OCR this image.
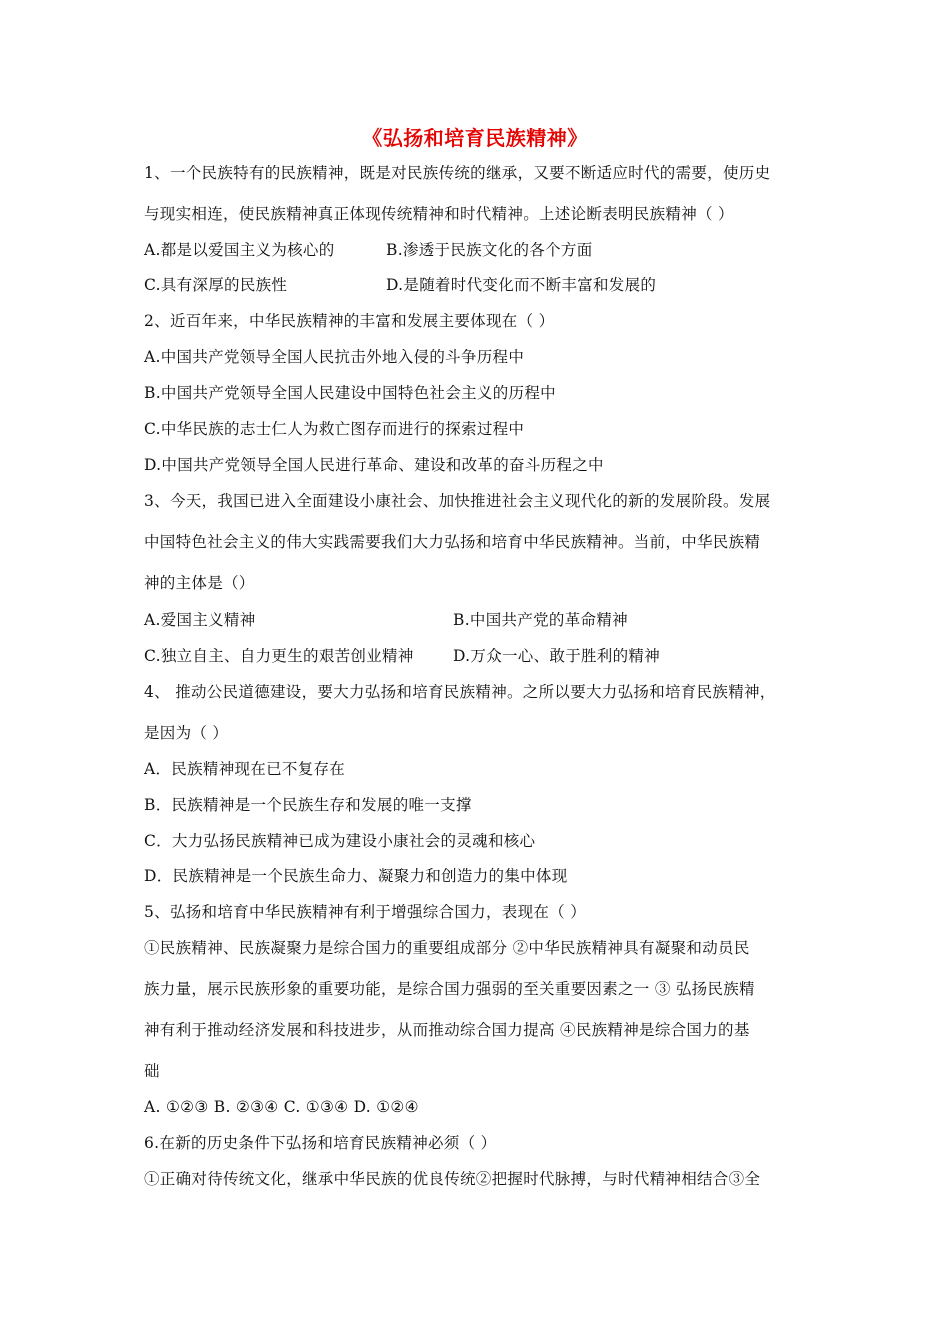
《弘扬和培育民族精神》
1、一个民族特有的民族精神，既是对民族传统的继承，又要不断适应时代的需要，使历史
与现实相连，使民族精神真正体现传统精神和时代精神。上述论断表明民族精神（ ）
A.都是以爱国主义为核心的	B.渗透于民族文化的各个方面
C.具有深厚的民族性	D.是随着时代变化而不断丰富和发展的
2、近百年来，中华民族精神的丰富和发展主要体现在（ ）
A.中国共产党领导全国人民抗击外地入侵的斗争历程中
B.中国共产党领导全国人民建设中国特色社会主义的历程中
C.中华民族的志士仁人为救亡图存而进行的探索过程中
D.中国共产党领导全国人民进行革命、建设和改革的奋斗历程之中
3、今天，我国已进入全面建设小康社会、加快推进社会主义现代化的新的发展阶段。发展
中国特色社会主义的伟大实践需要我们大力弘扬和培育中华民族精神。当前，中华民族精
神的主体是（）
A.爱国主义精神	B.中国共产党的革命精神
C.独立自主、自力更生的艰苦创业精神	D.万众一心、敢于胜利的精神
4、 推动公民道德建设，要大力弘扬和培育民族精神。之所以要大力弘扬和培育民族精神，
是因为（ ）
A．民族精神现在已不复存在
B．民族精神是一个民族生存和发展的唯一支撑
C．大力弘扬民族精神已成为建设小康社会的灵魂和核心
D．民族精神是一个民族生命力、凝聚力和创造力的集中体现
5、弘扬和培育中华民族精神有利于增强综合国力，表现在（ ）
①民族精神、民族凝聚力是综合国力的重要组成部分 ②中华民族精神具有凝聚和动员民
族力量，展示民族形象的重要功能，是综合国力强弱的至关重要因素之一 ③ 弘扬民族精
神有利于推动经济发展和科技进步，从而推动综合国力提高 ④民族精神是综合国力的基
础
A. ①②③ B. ②③④ C. ①③④ D. ①②④
6.在新的历史条件下弘扬和培育民族精神必须（ ）
①正确对待传统文化，继承中华民族的优良传统②把握时代脉搏，与时代精神相结合③全
